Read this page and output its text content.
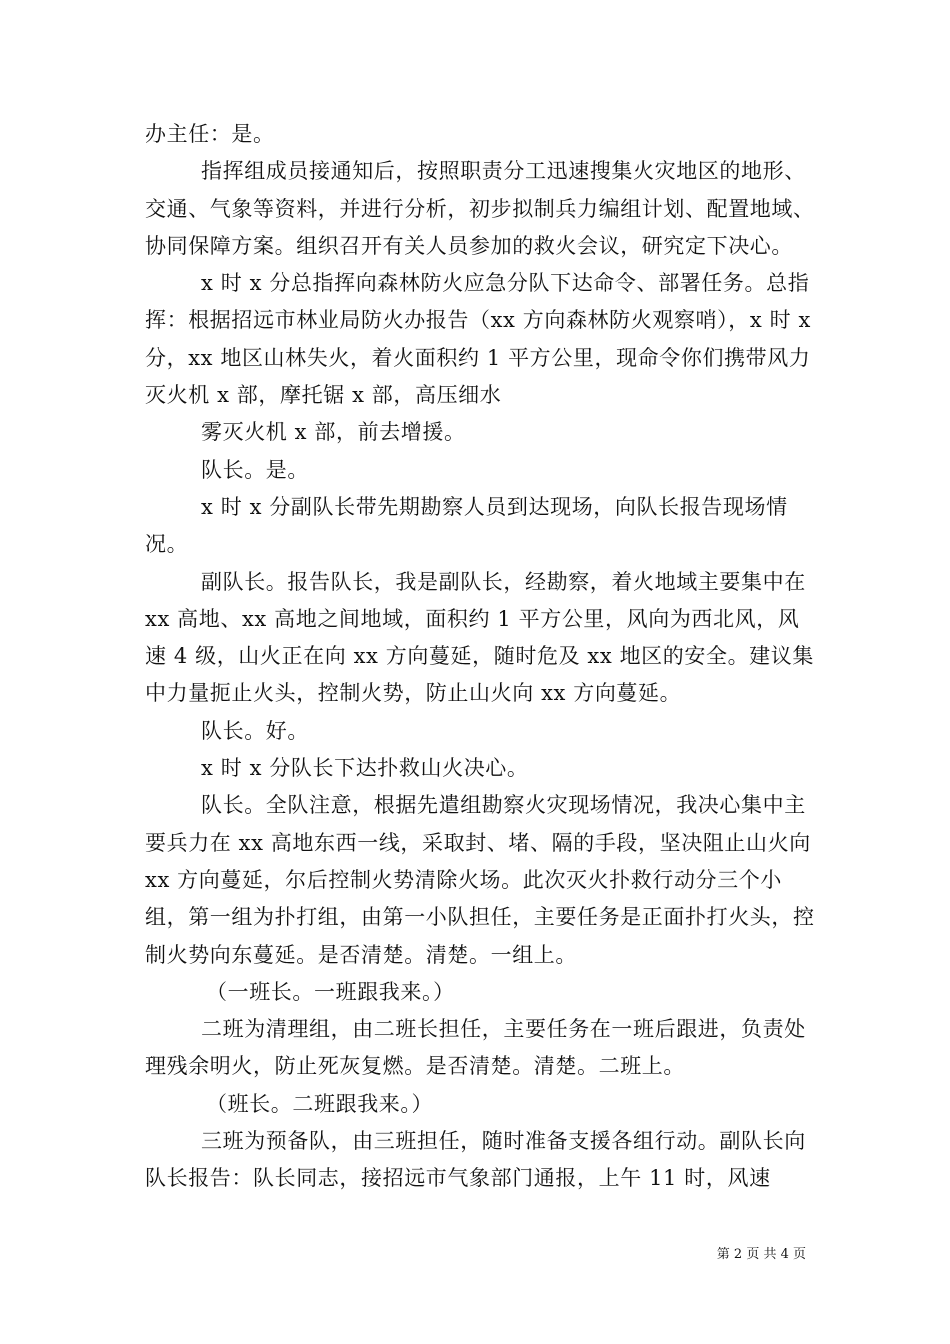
办主任：是。

指挥组成员接通知后，按照职责分工迅速搜集火灾地区的地形、交通、气象等资料，并进行分析，初步拟制兵力编组计划、配置地域、协同保障方案。组织召开有关人员参加的救火会议，研究定下决心。

x 时 x 分总指挥向森林防火应急分队下达命令、部署任务。总指挥：根据招远市林业局防火办报告（xx 方向森林防火观察哨），x 时 x 分，xx 地区山林失火，着火面积约 1 平方公里，现命令你们携带风力灭火机 x 部，摩托锯 x 部，高压细水

雾灭火机 x 部，前去增援。

队长。是。

x 时 x 分副队长带先期勘察人员到达现场，向队长报告现场情况。

副队长。报告队长，我是副队长，经勘察，着火地域主要集中在 xx 高地、xx 高地之间地域，面积约 1 平方公里，风向为西北风，风速 4 级，山火正在向 xx 方向蔓延，随时危及 xx 地区的安全。建议集中力量扼止火头，控制火势，防止山火向 xx 方向蔓延。

队长。好。

x 时 x 分队长下达扑救山火决心。

队长。全队注意，根据先遣组勘察火灾现场情况，我决心集中主要兵力在 xx 高地东西一线，采取封、堵、隔的手段，坚决阻止山火向 xx 方向蔓延，尔后控制火势清除火场。此次灭火扑救行动分三个小组，第一组为扑打组，由第一小队担任，主要任务是正面扑打火头，控制火势向东蔓延。是否清楚。清楚。一组上。

（一班长。一班跟我来。）

二班为清理组，由二班长担任，主要任务在一班后跟进，负责处理残余明火，防止死灰复燃。是否清楚。清楚。二班上。

（班长。二班跟我来。）

三班为预备队，由三班担任，随时准备支援各组行动。副队长向队长报告：队长同志，接招远市气象部门通报，上午 11 时，风速

第 2 页 共 4 页
